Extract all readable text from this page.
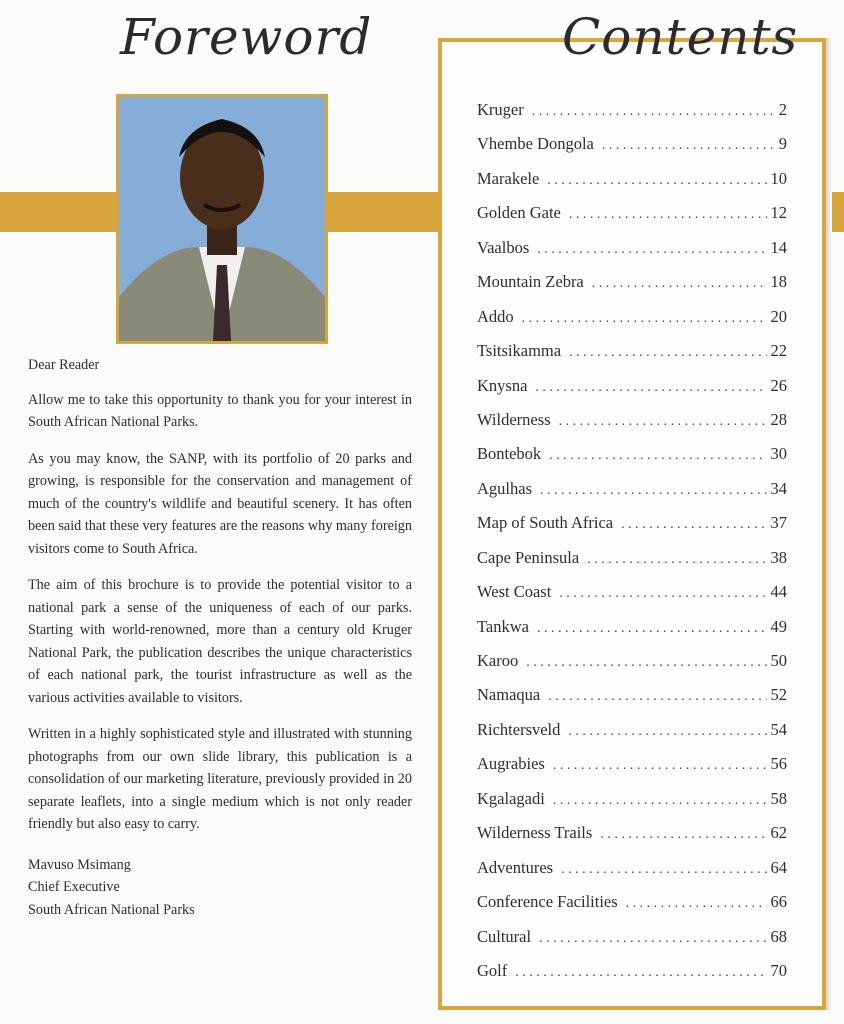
Foreword

Dear Reader

Allow me to take this opportunity to thank you for your interest in South African National Parks.

As you may know, the SANP, with its portfolio of 20 parks and growing, is responsible for the conservation and management of much of the country's wildlife and beautiful scenery. It has often been said that these very features are the reasons why many foreign visitors come to South Africa.

The aim of this brochure is to provide the potential visitor to a national park a sense of the uniqueness of each of our parks. Starting with world-renowned, more than a century old Kruger National Park, the publication describes the unique characteristics of each national park, the tourist infrastructure as well as the various activities available to visitors.

Written in a highly sophisticated style and illustrated with stunning photographs from our own slide library, this publication is a consolidation of our marketing literature, previously provided in 20 separate leaflets, into a single medium which is not only reader friendly but also easy to carry.

Mavuso Msimang
Chief Executive
South African National Parks

Contents
Kruger . . .	2
Vhembe Dongola . . .	9
Marakele . . .	10
Golden Gate . . .	12
Vaalbos . . .	14
Mountain Zebra . . .	18
Addo . . .	20
Tsitsikamma . . .	22
Knysna . . .	26
Wilderness . . .	28
Bontebok . . .	30
Agulhas . . .	34
Map of South Africa . . .	37
Cape Peninsula . . .	38
West Coast . . .	44
Tankwa . . .	49
Karoo . . .	50
Namaqua . . .	52
Richtersveld . . .	54
Augrabies . . .	56
Kgalagadi . . .	58
Wilderness Trails . . .	62
Adventures . . .	64
Conference Facilities . . .	66
Cultural . . .	68
Golf . . .	70
